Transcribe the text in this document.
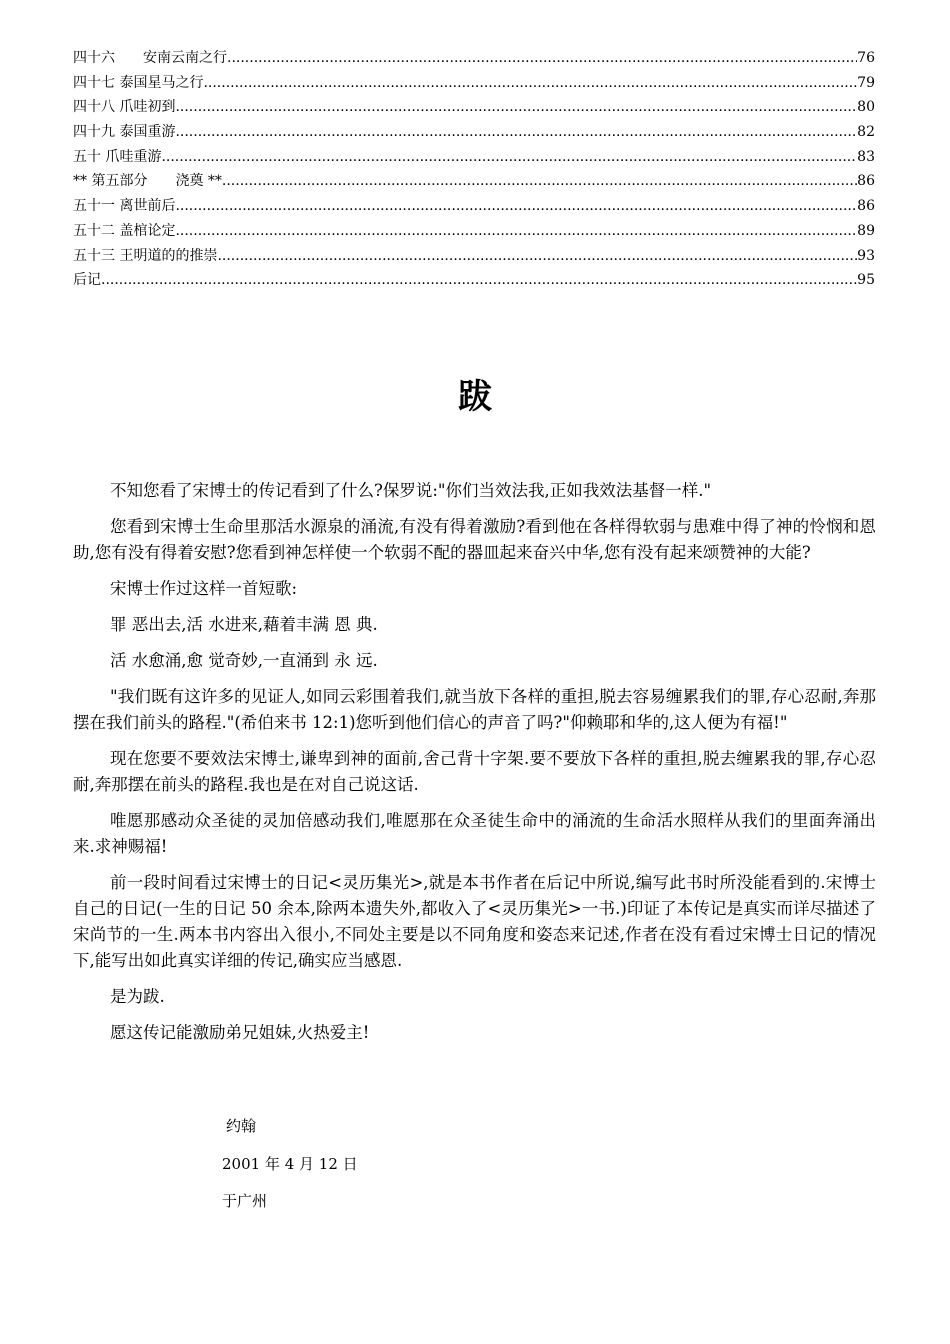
四十六　　安南云南之行 .....	76
四十七 泰国星马之行 .....	79
四十八 爪哇初到 .....	80
四十九 泰国重游 .....	82
五十 爪哇重游 .....	83
** 第五部分　　浇奠 ** .....	86
五十一 离世前后 .....	86
五十二 盖棺论定 .....	89
五十三 王明道的的推崇 .....	93
后记 .....	95
跋

不知您看了宋博士的传记看到了什么?保罗说:"你们当效法我,正如我效法基督一样."

您看到宋博士生命里那活水源泉的涌流,有没有得着激励?看到他在各样得软弱与患难中得了神的怜悯和恩助,您有没有得着安慰?您看到神怎样使一个软弱不配的器皿起来奋兴中华,您有没有起来颂赞神的大能?

宋博士作过这样一首短歌:

罪 恶出去,活 水进来,藉着丰满 恩 典.

活 水愈涌,愈 觉奇妙,一直涌到 永 远.

"我们既有这许多的见证人,如同云彩围着我们,就当放下各样的重担,脱去容易缠累我们的罪,存心忍耐,奔那摆在我们前头的路程."(希伯来书 12:1)您听到他们信心的声音了吗?"仰赖耶和华的,这人便为有福!"

现在您要不要效法宋博士,谦卑到神的面前,舍己背十字架.要不要放下各样的重担,脱去缠累我的罪,存心忍耐,奔那摆在前头的路程.我也是在对自己说这话.

唯愿那感动众圣徒的灵加倍感动我们,唯愿那在众圣徒生命中的涌流的生命活水照样从我们的里面奔涌出来.求神赐福!

前一段时间看过宋博士的日记<灵历集光>,就是本书作者在后记中所说,编写此书时所没能看到的.宋博士自己的日记(一生的日记 50 余本,除两本遗失外,都收入了<灵历集光>一书.)印证了本传记是真实而详尽描述了宋尚节的一生.两本书内容出入很小,不同处主要是以不同角度和姿态来记述,作者在没有看过宋博士日记的情况下,能写出如此真实详细的传记,确实应当感恩.

是为跋.

愿这传记能激励弟兄姐妹,火热爱主!

约翰
2001 年 4 月 12 日
于广州
